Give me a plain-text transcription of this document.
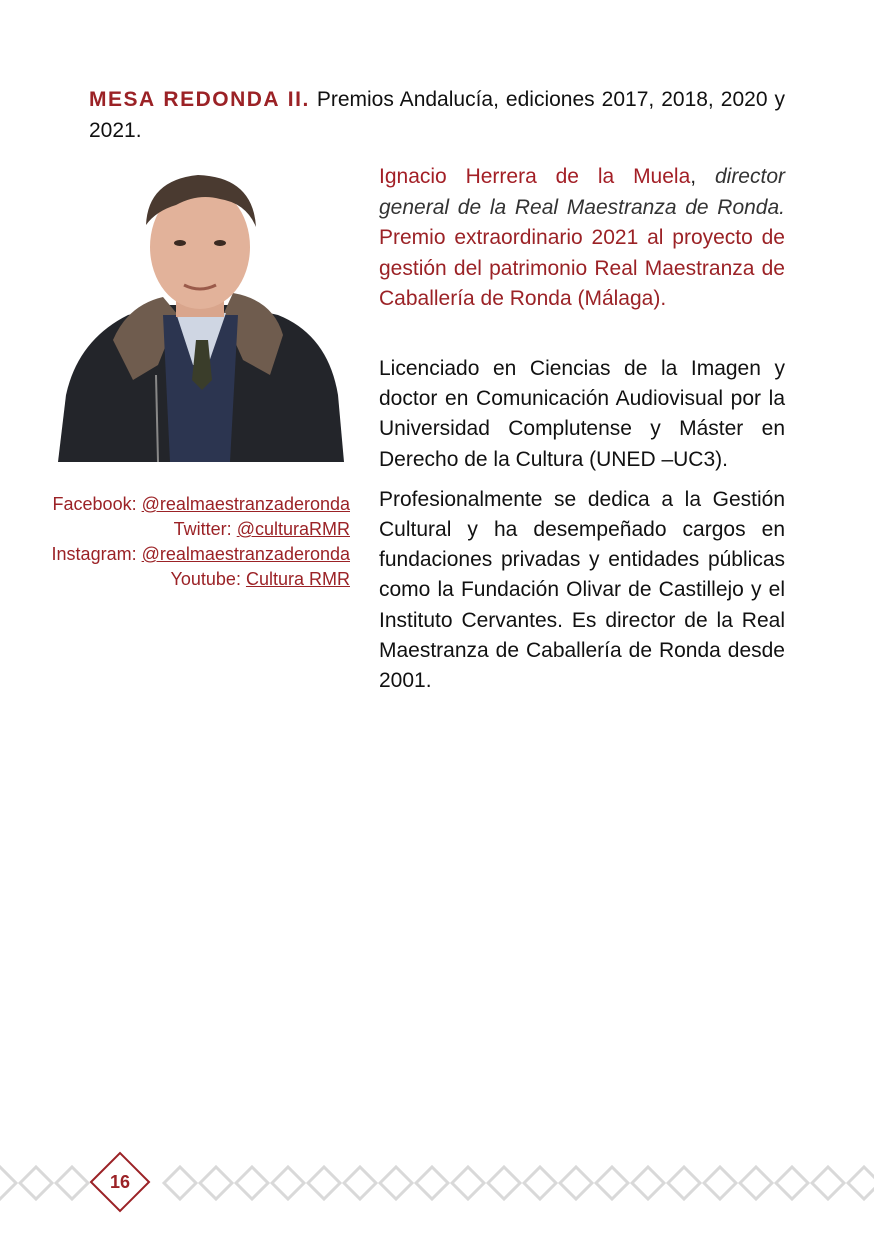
MESA REDONDA II. Premios Andalucía, ediciones 2017, 2018, 2020 y 2021.

Facebook: @realmaestranzaderonda
Twitter: @culturaRMR
Instagram: @realmaestranzaderonda
Youtube: Cultura RMR

Ignacio Herrera de la Muela, director general de la Real Maestranza de Ronda. Premio extraordinario 2021 al proyecto de gestión del patrimonio Real Maestranza de Caballería de Ronda (Málaga).

Licenciado en Ciencias de la Imagen y doctor en Comunicación Audiovisual por la Universidad Complutense y Máster en Derecho de la Cultura (UNED –UC3).

Profesionalmente se dedica a la Gestión Cultural y ha desempeñado cargos en fundaciones privadas y entidades públicas como la Fundación Olivar de Castillejo y el Instituto Cervantes. Es director de la Real Maestranza de Caballería de Ronda desde 2001.

16
